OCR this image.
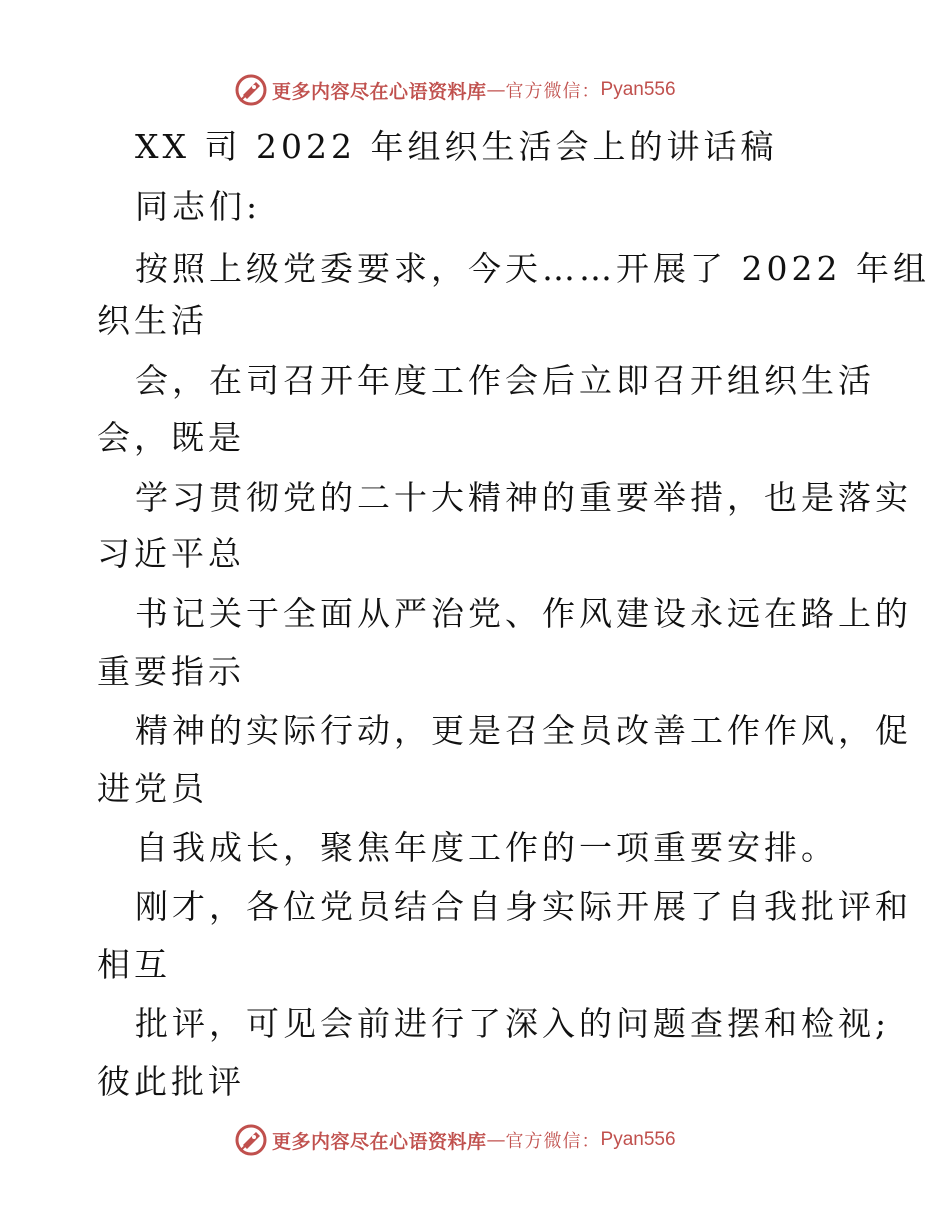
更多内容尽在心语资料库 — 官方微信： Pyan556
XX 司 2022 年组织生活会上的讲话稿
同志们:
按照上级党委要求，今天……开展了 2022 年组
织生活
会，在司召开年度工作会后立即召开组织生活
会，既是
学习贯彻党的二十大精神的重要举措，也是落实
习近平总
书记关于全面从严治党、作风建设永远在路上的
重要指示
精神的实际行动，更是召全员改善工作作风，促
进党员
自我成长，聚焦年度工作的一项重要安排。
刚才，各位党员结合自身实际开展了自我批评和
相互
批评，可见会前进行了深入的问题查摆和检视;
彼此批评
更多内容尽在心语资料库 — 官方微信： Pyan556
